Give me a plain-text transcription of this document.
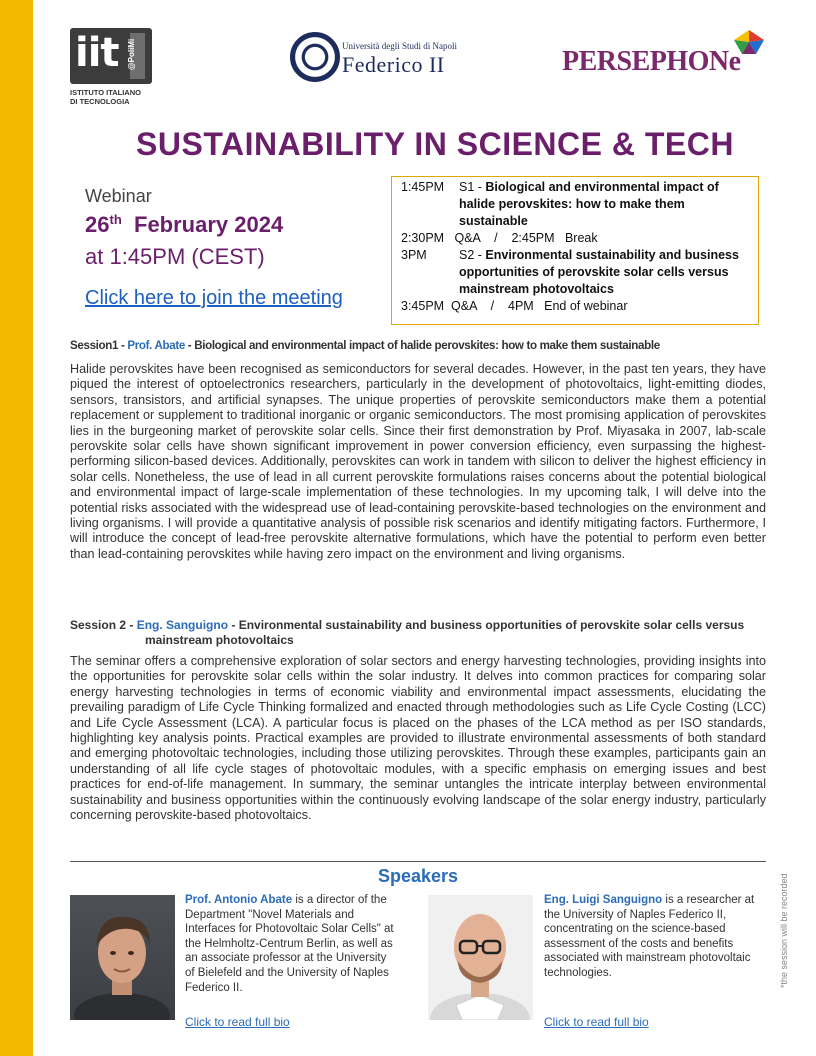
iit @PoliMi
ISTITUTO ITALIANO
DI TECNOLOGIA
Università degli Studi di Napoli
Federico II	PERSEPHONe
SUSTAINABILITY IN SCIENCE & TECH
Webinar
26th February 2024
at 1:45PM (CEST)
Click here to join the meeting
1:45PM	S1 - Biological and environmental impact of halide perovskites: how to make them sustainable
2:30PM   Q&A    /    2:45PM   Break
3PM	S2 - Environmental sustainability and business opportunities of perovskite solar cells versus mainstream photovoltaics
3:45PM  Q&A    /    4PM   End of webinar
Session1 - Prof. Abate - Biological and environmental impact of halide perovskites: how to make them sustainable

Halide perovskites have been recognised as semiconductors for several decades. However, in the past ten years, they have piqued the interest of optoelectronics researchers, particularly in the development of photovoltaics, light-emitting diodes, sensors, transistors, and artificial synapses. The unique properties of perovskite semiconductors make them a potential replacement or supplement to traditional inorganic or organic semiconductors. The most promising application of perovskites lies in the burgeoning market of perovskite solar cells. Since their first demonstration by Prof. Miyasaka in 2007, lab-scale perovskite solar cells have shown significant improvement in power conversion efficiency, even surpassing the highest-performing silicon-based devices. Additionally, perovskites can work in tandem with silicon to deliver the highest efficiency in solar cells. Nonetheless, the use of lead in all current perovskite formulations raises concerns about the potential biological and environmental impact of large-scale implementation of these technologies. In my upcoming talk, I will delve into the potential risks associated with the widespread use of lead-containing perovskite-based technologies on the environment and living organisms. I will provide a quantitative analysis of possible risk scenarios and identify mitigating factors. Furthermore, I will introduce the concept of lead-free perovskite alternative formulations, which have the potential to perform even better than lead-containing perovskites while having zero impact on the environment and living organisms.

Session 2 - Eng. Sanguigno - Environmental sustainability and business opportunities of perovskite solar cells versus
mainstream photovoltaics

The seminar offers a comprehensive exploration of solar sectors and energy harvesting technologies, providing insights into the opportunities for perovskite solar cells within the solar industry. It delves into common practices for comparing solar energy harvesting technologies in terms of economic viability and environmental impact assessments, elucidating the prevailing paradigm of Life Cycle Thinking formalized and enacted through methodologies such as Life Cycle Costing (LCC) and Life Cycle Assessment (LCA). A particular focus is placed on the phases of the LCA method as per ISO standards, highlighting key analysis points. Practical examples are provided to illustrate environmental assessments of both standard and emerging photovoltaic technologies, including those utilizing perovskites. Through these examples, participants gain an understanding of all life cycle stages of photovoltaic modules, with a specific emphasis on emerging issues and best practices for end-of-life management. In summary, the seminar untangles the intricate interplay between environmental sustainability and business opportunities within the continuously evolving landscape of the solar energy industry, particularly concerning perovskite-based photovoltaics.

Speakers
Prof. Antonio Abate is a director of the Department "Novel Materials and Interfaces for Photovoltaic Solar Cells" at the Helmholtz-Centrum Berlin, as well as an associate professor at the University of Bielefeld and the University of Naples Federico II.
Click to read full bio
Eng. Luigi Sanguigno is a researcher at the University of Naples Federico II, concentrating on the science-based assessment of the costs and benefits associated with mainstream photovoltaic technologies.
Click to read full bio
*the session will be recorded
